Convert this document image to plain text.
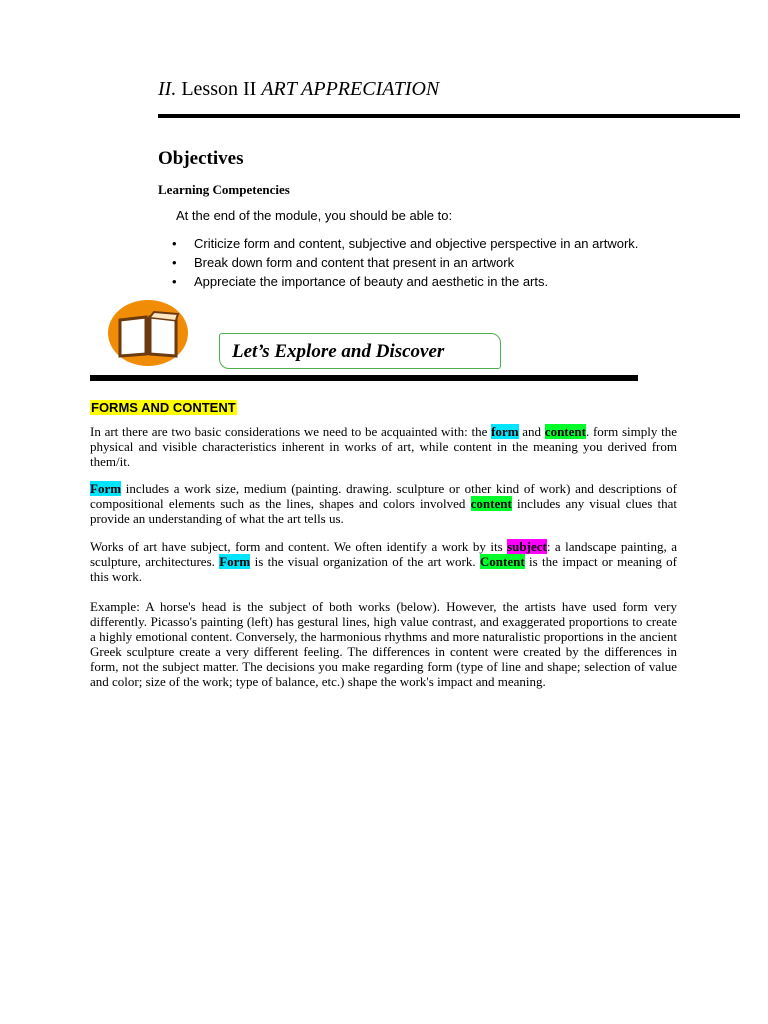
II. Lesson II ART APPRECIATION
Objectives
Learning Competencies
At the end of the module, you should be able to:
• Criticize form and content, subjective and objective perspective in an artwork.
• Break down form and content that present in an artwork
• Appreciate the importance of beauty and aesthetic in the arts.
Let’s Explore and Discover
FORMS AND CONTENT
In art there are two basic considerations we need to be acquainted with: the form and content. form simply the physical and visible characteristics inherent in works of art, while content in the meaning you derived from them/it.
Form includes a work size, medium (painting. drawing. sculpture or other kind of work) and descriptions of compositional elements such as the lines, shapes and colors involved content includes any visual clues that provide an understanding of what the art tells us.
Works of art have subject, form and content. We often identify a work by its subject: a landscape painting, a sculpture, architectures. Form is the visual organization of the art work. Content is the impact or meaning of this work.
Example: A horse's head is the subject of both works (below). However, the artists have used form very differently. Picasso's painting (left) has gestural lines, high value contrast, and exaggerated proportions to create a highly emotional content. Conversely, the harmonious rhythms and more naturalistic proportions in the ancient Greek sculpture create a very different feeling. The differences in content were created by the differences in form, not the subject matter. The decisions you make regarding form (type of line and shape; selection of value and color; size of the work; type of balance, etc.) shape the work's impact and meaning.
